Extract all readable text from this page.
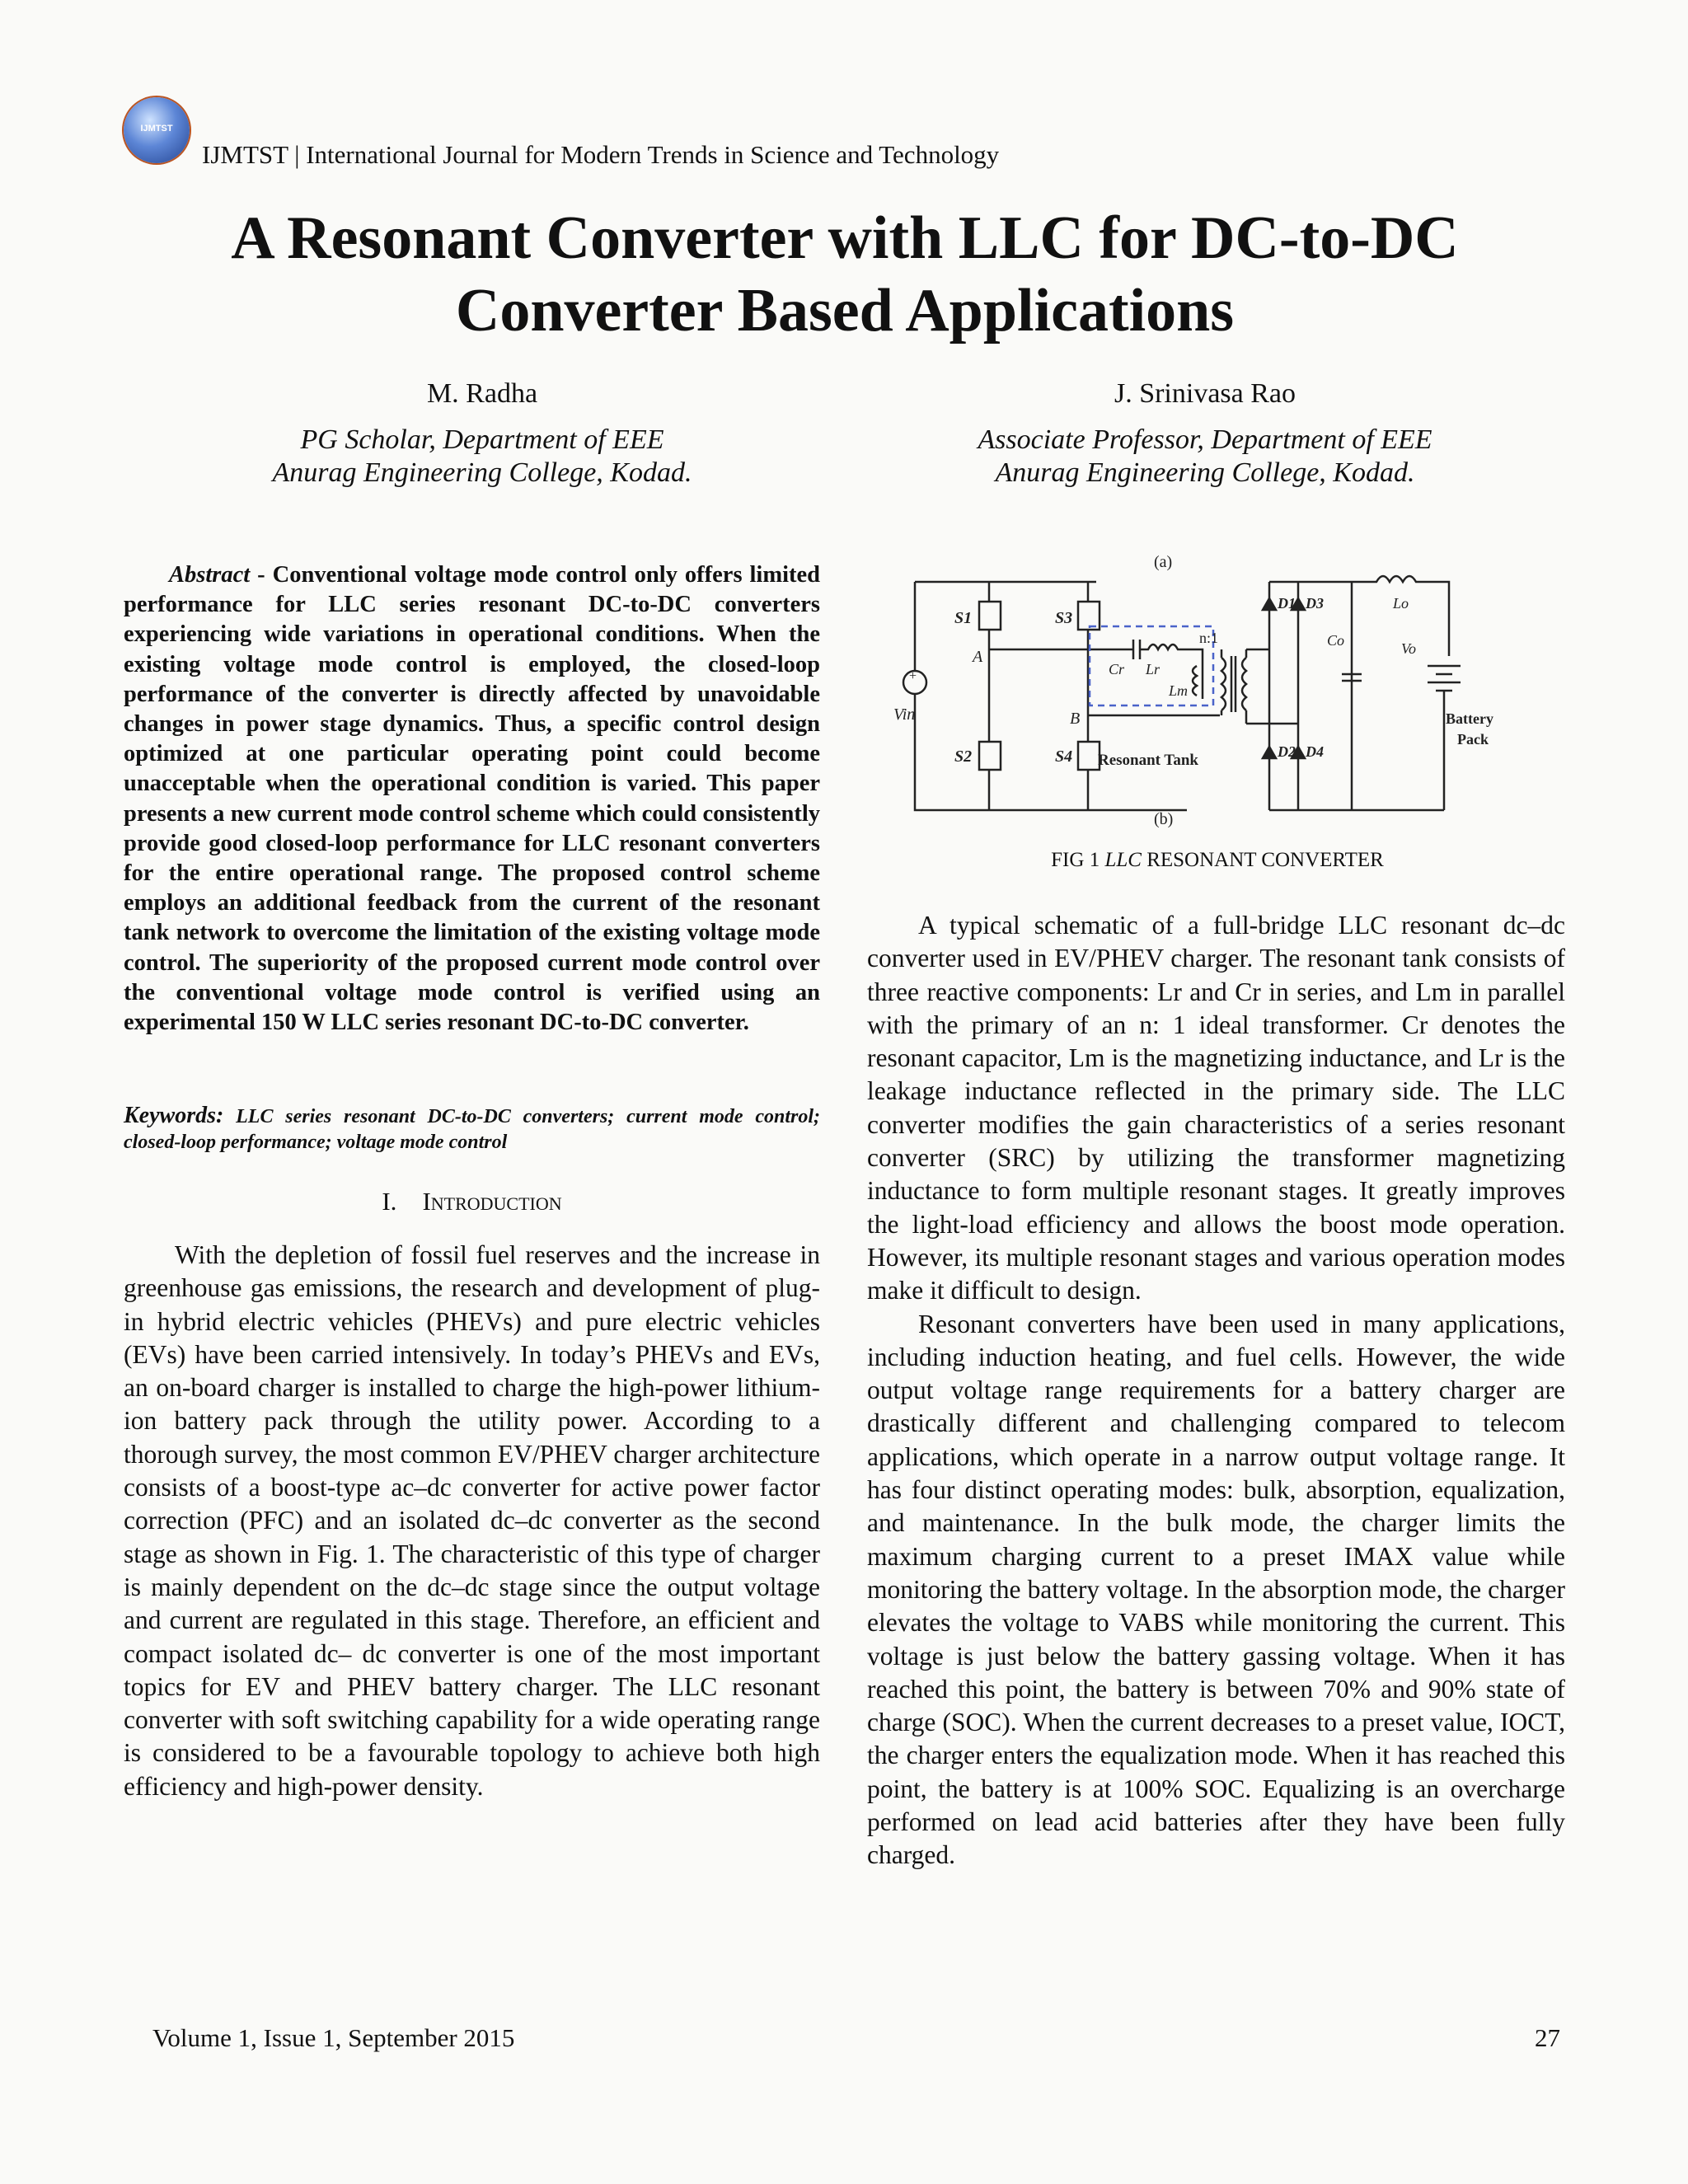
IJMTST
IJMTST | International Journal for Modern Trends in Science and Technology
A Resonant Converter with LLC for DC-to-DC
Converter Based Applications
M. Radha
PG Scholar, Department of EEE
Anurag Engineering College, Kodad.
J. Srinivasa Rao
Associate Professor, Department of EEE
Anurag Engineering College, Kodad.

Abstract - Conventional voltage mode control only offers limited performance for LLC series resonant DC-to-DC converters experiencing wide variations in operational conditions. When the existing voltage mode control is employed, the closed-loop performance of the converter is directly affected by unavoidable changes in power stage dynamics. Thus, a specific control design optimized at one particular operating point could become unacceptable when the operational condition is varied. This paper presents a new current mode control scheme which could consistently provide good closed-loop performance for LLC resonant converters for the entire operational range. The proposed control scheme employs an additional feedback from the current of the resonant tank network to overcome the limitation of the existing voltage mode control. The superiority of the proposed current mode control over the conventional voltage mode control is verified using an experimental 150 W LLC series resonant DC-to-DC converter.

Keywords: LLC series resonant DC-to-DC converters; current mode control; closed-loop performance; voltage mode control

I. Introduction

With the depletion of fossil fuel reserves and the increase in greenhouse gas emissions, the research and development of plug-in hybrid electric vehicles (PHEVs) and pure electric vehicles (EVs) have been carried intensively. In today’s PHEVs and EVs, an on-board charger is installed to charge the high-power lithium-ion battery pack through the utility power. According to a thorough survey, the most common EV/PHEV charger architecture consists of a boost-type ac–dc converter for active power factor correction (PFC) and an isolated dc–dc converter as the second stage as shown in Fig. 1. The characteristic of this type of charger is mainly dependent on the dc–dc stage since the output voltage and current are regulated in this stage. Therefore, an efficient and compact isolated dc– dc converter is one of the most important topics for EV and PHEV battery charger. The LLC resonant converter with soft switching capability for a wide operating range is considered to be a favourable topology to achieve both high efficiency and high-power density.

(a)
+
Vin
S1	S3
S2	S4
A
B
Cr Lr
Lm
n:1
Resonant Tank
D1 D3
D2 D4
Co
Lo
Vo
Battery
Pack
(b)
FIG 1 LLC RESONANT CONVERTER

A typical schematic of a full-bridge LLC resonant dc–dc converter used in EV/PHEV charger. The resonant tank consists of three reactive components: Lr and Cr in series, and Lm in parallel with the primary of an n: 1 ideal transformer. Cr denotes the resonant capacitor, Lm is the magnetizing inductance, and Lr is the leakage inductance reflected in the primary side. The LLC converter modifies the gain characteristics of a series resonant converter (SRC) by utilizing the transformer magnetizing inductance to form multiple resonant stages. It greatly improves the light-load efficiency and allows the boost mode operation. However, its multiple resonant stages and various operation modes make it difficult to design.

Resonant converters have been used in many applications, including induction heating, and fuel cells. However, the wide output voltage range requirements for a battery charger are drastically different and challenging compared to telecom applications, which operate in a narrow output voltage range. It has four distinct operating modes: bulk, absorption, equalization, and maintenance. In the bulk mode, the charger limits the maximum charging current to a preset IMAX value while monitoring the battery voltage. In the absorption mode, the charger elevates the voltage to VABS while monitoring the current. This voltage is just below the battery gassing voltage. When it has reached this point, the battery is between 70% and 90% state of charge (SOC). When the current decreases to a preset value, IOCT, the charger enters the equalization mode. When it has reached this point, the battery is at 100% SOC. Equalizing is an overcharge performed on lead acid batteries after they have been fully charged.

Volume 1, Issue 1, September 2015	27
